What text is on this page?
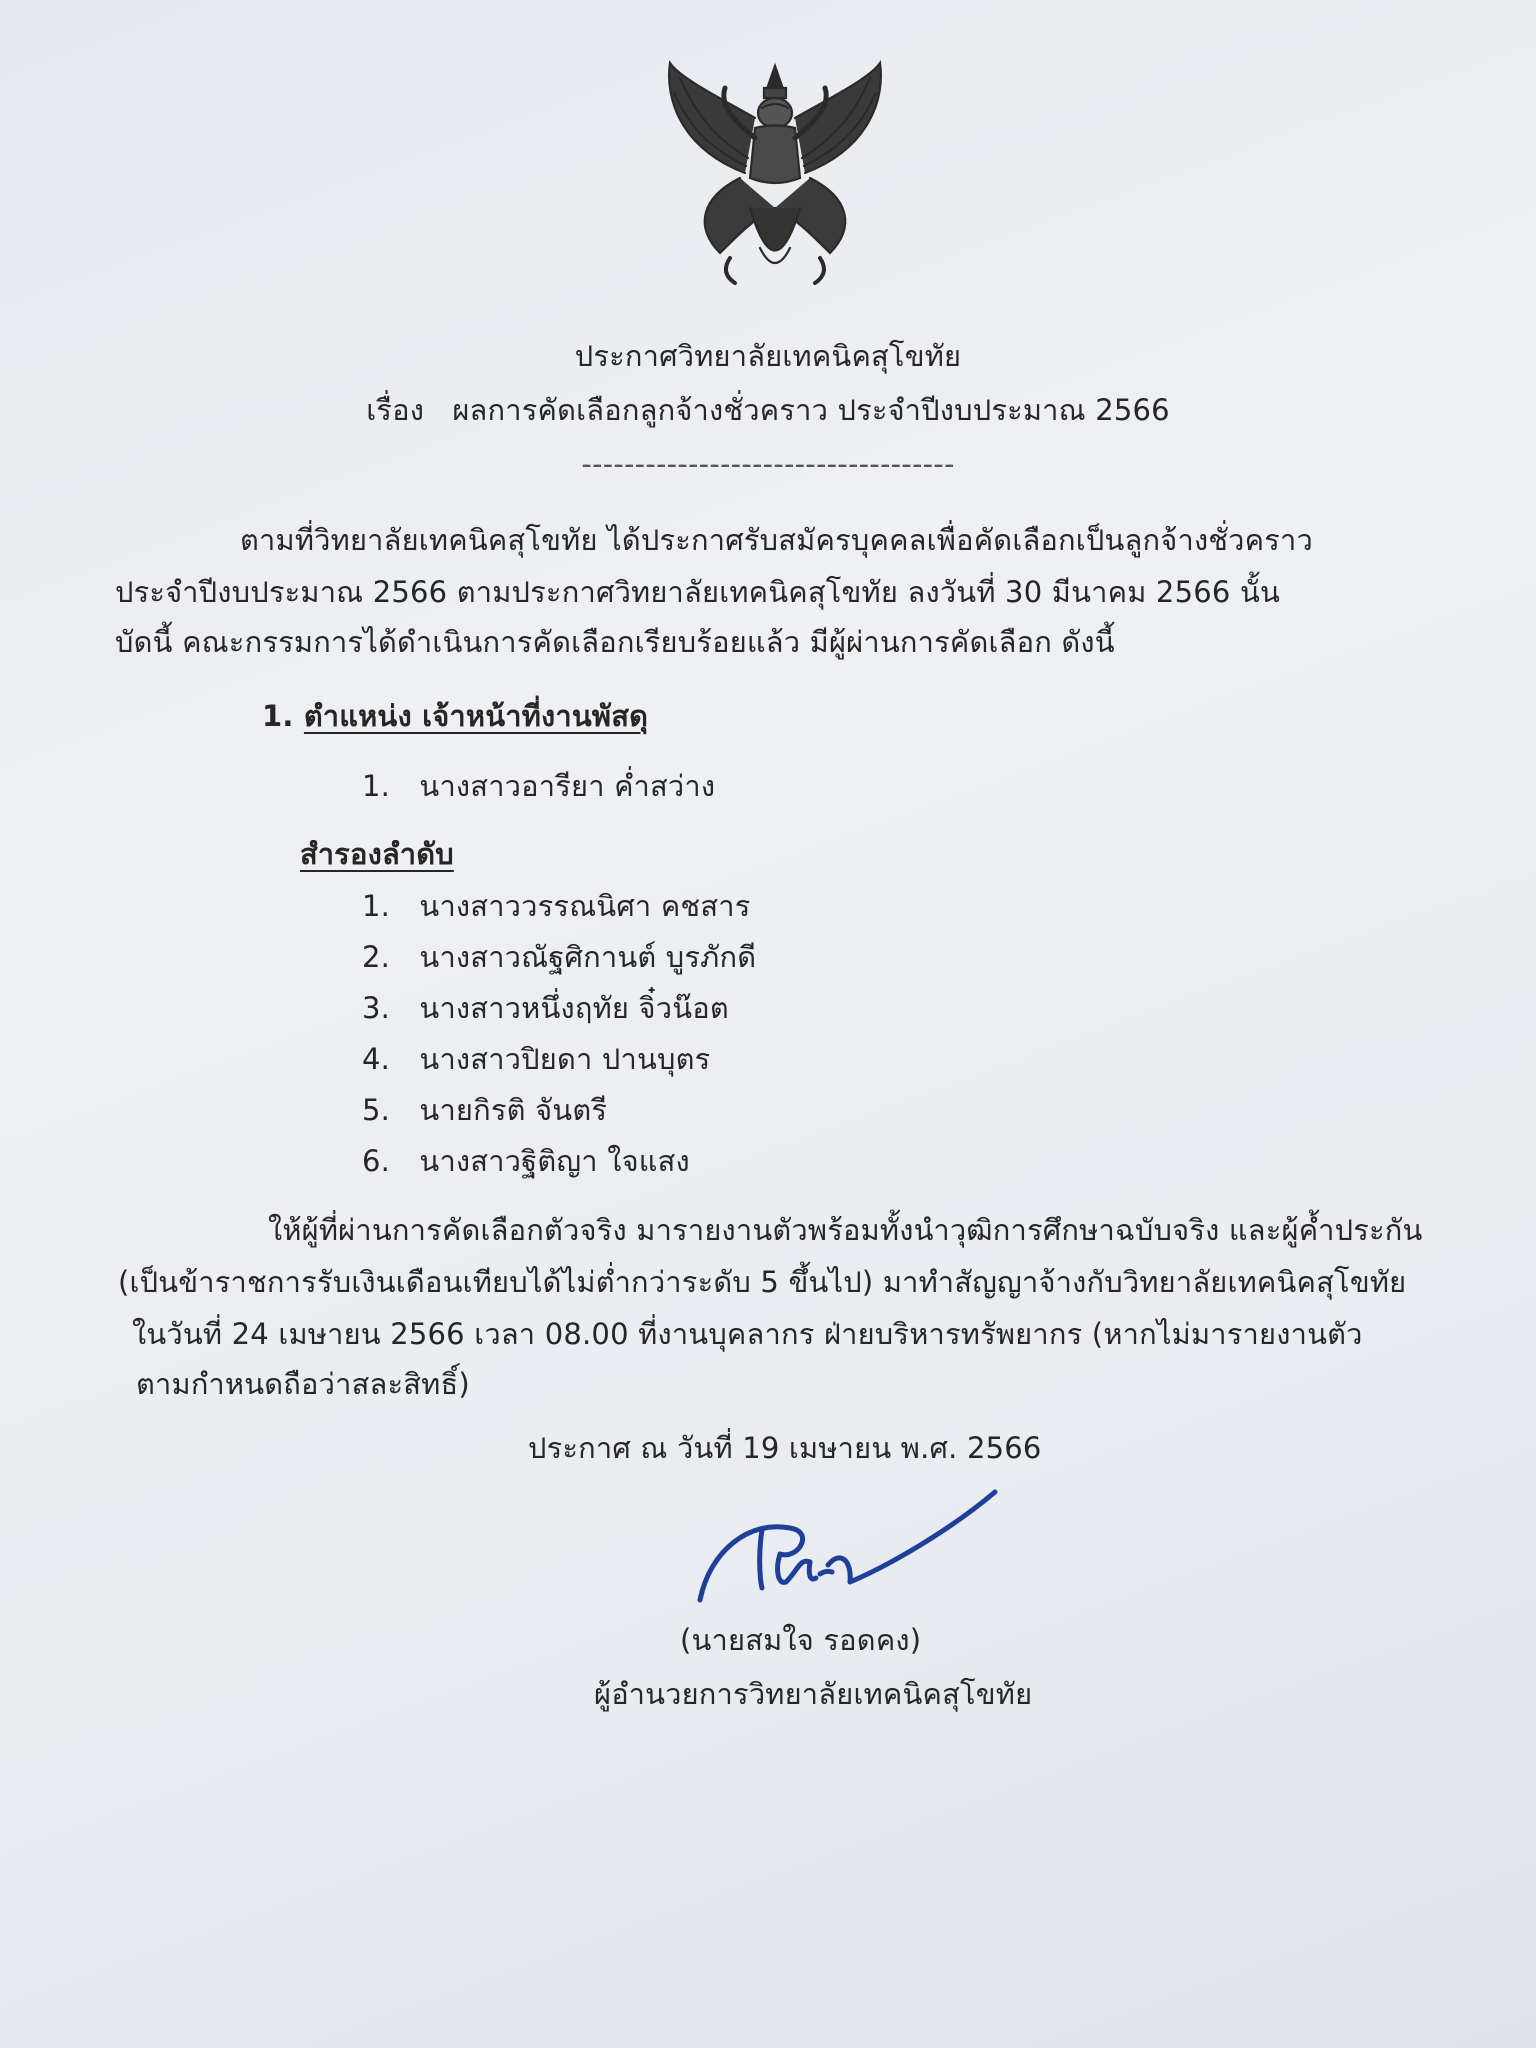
ประกาศวิทยาลัยเทคนิคสุโขทัย
เรื่อง ผลการคัดเลือกลูกจ้างชั่วคราว ประจำปีงบประมาณ 2566
-----------------------------------
ตามที่วิทยาลัยเทคนิคสุโขทัย ได้ประกาศรับสมัครบุคคลเพื่อคัดเลือกเป็นลูกจ้างชั่วคราว
ประจำปีงบประมาณ 2566 ตามประกาศวิทยาลัยเทคนิคสุโขทัย ลงวันที่ 30 มีนาคม 2566 นั้น
บัดนี้ คณะกรรมการได้ดำเนินการคัดเลือกเรียบร้อยแล้ว มีผู้ผ่านการคัดเลือก ดังนี้
1. ตำแหน่ง เจ้าหน้าที่งานพัสดุ
1. นางสาวอารียา ค่ำสว่าง
สำรองลำดับ
1. นางสาววรรณนิศา คชสาร
2. นางสาวณัฐศิกานต์ บูรภักดี
3. นางสาวหนึ่งฤทัย จิ๋วน๊อต
4. นางสาวปิยดา ปานบุตร
5. นายกิรติ จันตรี
6. นางสาวฐิติญา ใจแสง
ให้ผู้ที่ผ่านการคัดเลือกตัวจริง มารายงานตัวพร้อมทั้งนำวุฒิการศึกษาฉบับจริง และผู้ค้ำประกัน
(เป็นข้าราชการรับเงินเดือนเทียบได้ไม่ต่ำกว่าระดับ 5 ขึ้นไป) มาทำสัญญาจ้างกับวิทยาลัยเทคนิคสุโขทัย
ในวันที่ 24 เมษายน 2566 เวลา 08.00 ที่งานบุคลากร ฝ่ายบริหารทรัพยากร (หากไม่มารายงานตัว
ตามกำหนดถือว่าสละสิทธิ์)
ประกาศ ณ วันที่ 19 เมษายน พ.ศ. 2566
(นายสมใจ รอดคง)
ผู้อำนวยการวิทยาลัยเทคนิคสุโขทัย
